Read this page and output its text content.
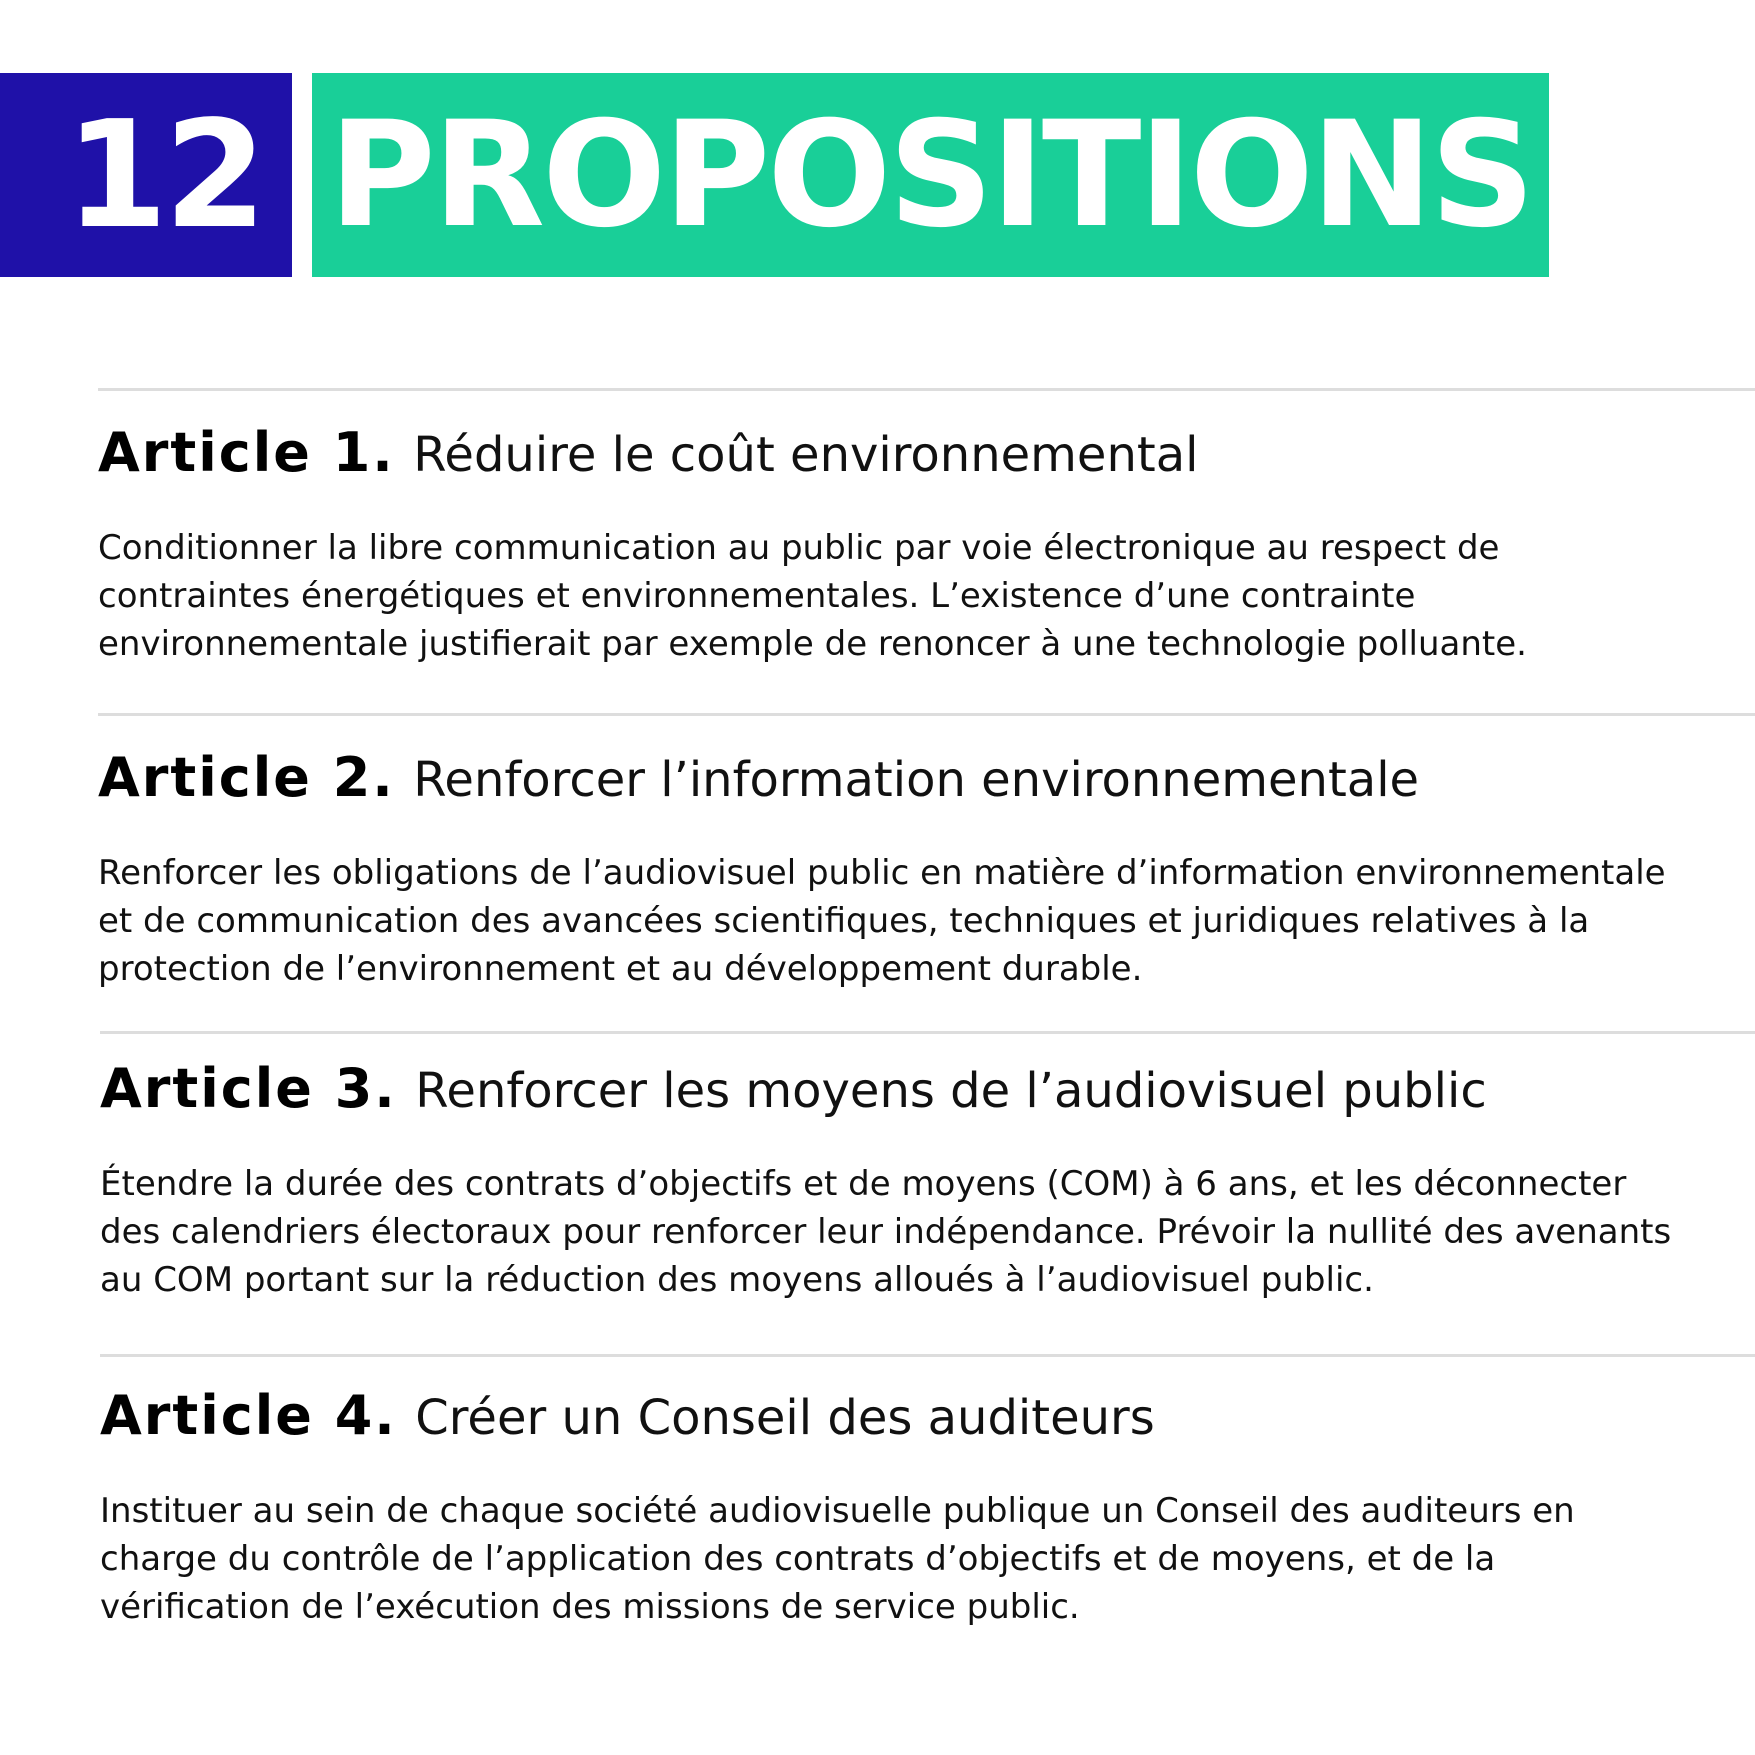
12 PROPOSITIONS
Article 1. Réduire le coût environnemental
Conditionner la libre communication au public par voie électronique au respect de contraintes énergétiques et environnementales. L’existence d’une contrainte environnementale justifierait par exemple de renoncer à une technologie polluante.
Article 2. Renforcer l’information environnementale
Renforcer les obligations de l’audiovisuel public en matière d’information environnementale et de communication des avancées scientifiques, techniques et juridiques relatives à la protection de l’environnement et au développement durable.
Article 3. Renforcer les moyens de l’audiovisuel public
Étendre la durée des contrats d’objectifs et de moyens (COM) à 6 ans, et les déconnecter des calendriers électoraux pour renforcer leur indépendance. Prévoir la nullité des avenants au COM portant sur la réduction des moyens alloués à l’audiovisuel public.
Article 4. Créer un Conseil des auditeurs
Instituer au sein de chaque société audiovisuelle publique un Conseil des auditeurs en charge du contrôle de l’application des contrats d’objectifs et de moyens, et de la vérification de l’exécution des missions de service public.
